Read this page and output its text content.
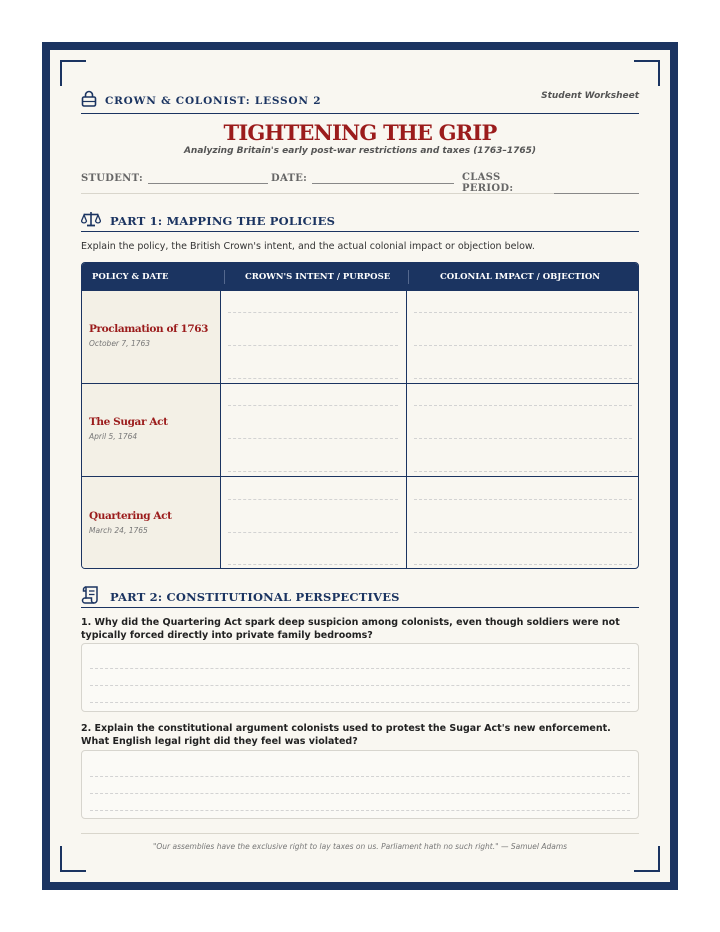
CROWN & COLONIST: LESSON 2	Student Worksheet
TIGHTENING THE GRIP
Analyzing Britain's early post-war restrictions and taxes (1763–1765)
STUDENT:	DATE:	CLASS PERIOD:
PART 1: MAPPING THE POLICIES
Explain the policy, the British Crown's intent, and the actual colonial impact or objection below.
POLICY & DATE	CROWN'S INTENT / PURPOSE	COLONIAL IMPACT / OBJECTION
Proclamation of 1763
October 7, 1763
The Sugar Act
April 5, 1764
Quartering Act
March 24, 1765
PART 2: CONSTITUTIONAL PERSPECTIVES
1. Why did the Quartering Act spark deep suspicion among colonists, even though soldiers were not typically forced directly into private family bedrooms?
2. Explain the constitutional argument colonists used to protest the Sugar Act's new enforcement. What English legal right did they feel was violated?
"Our assemblies have the exclusive right to lay taxes on us. Parliament hath no such right." — Samuel Adams
